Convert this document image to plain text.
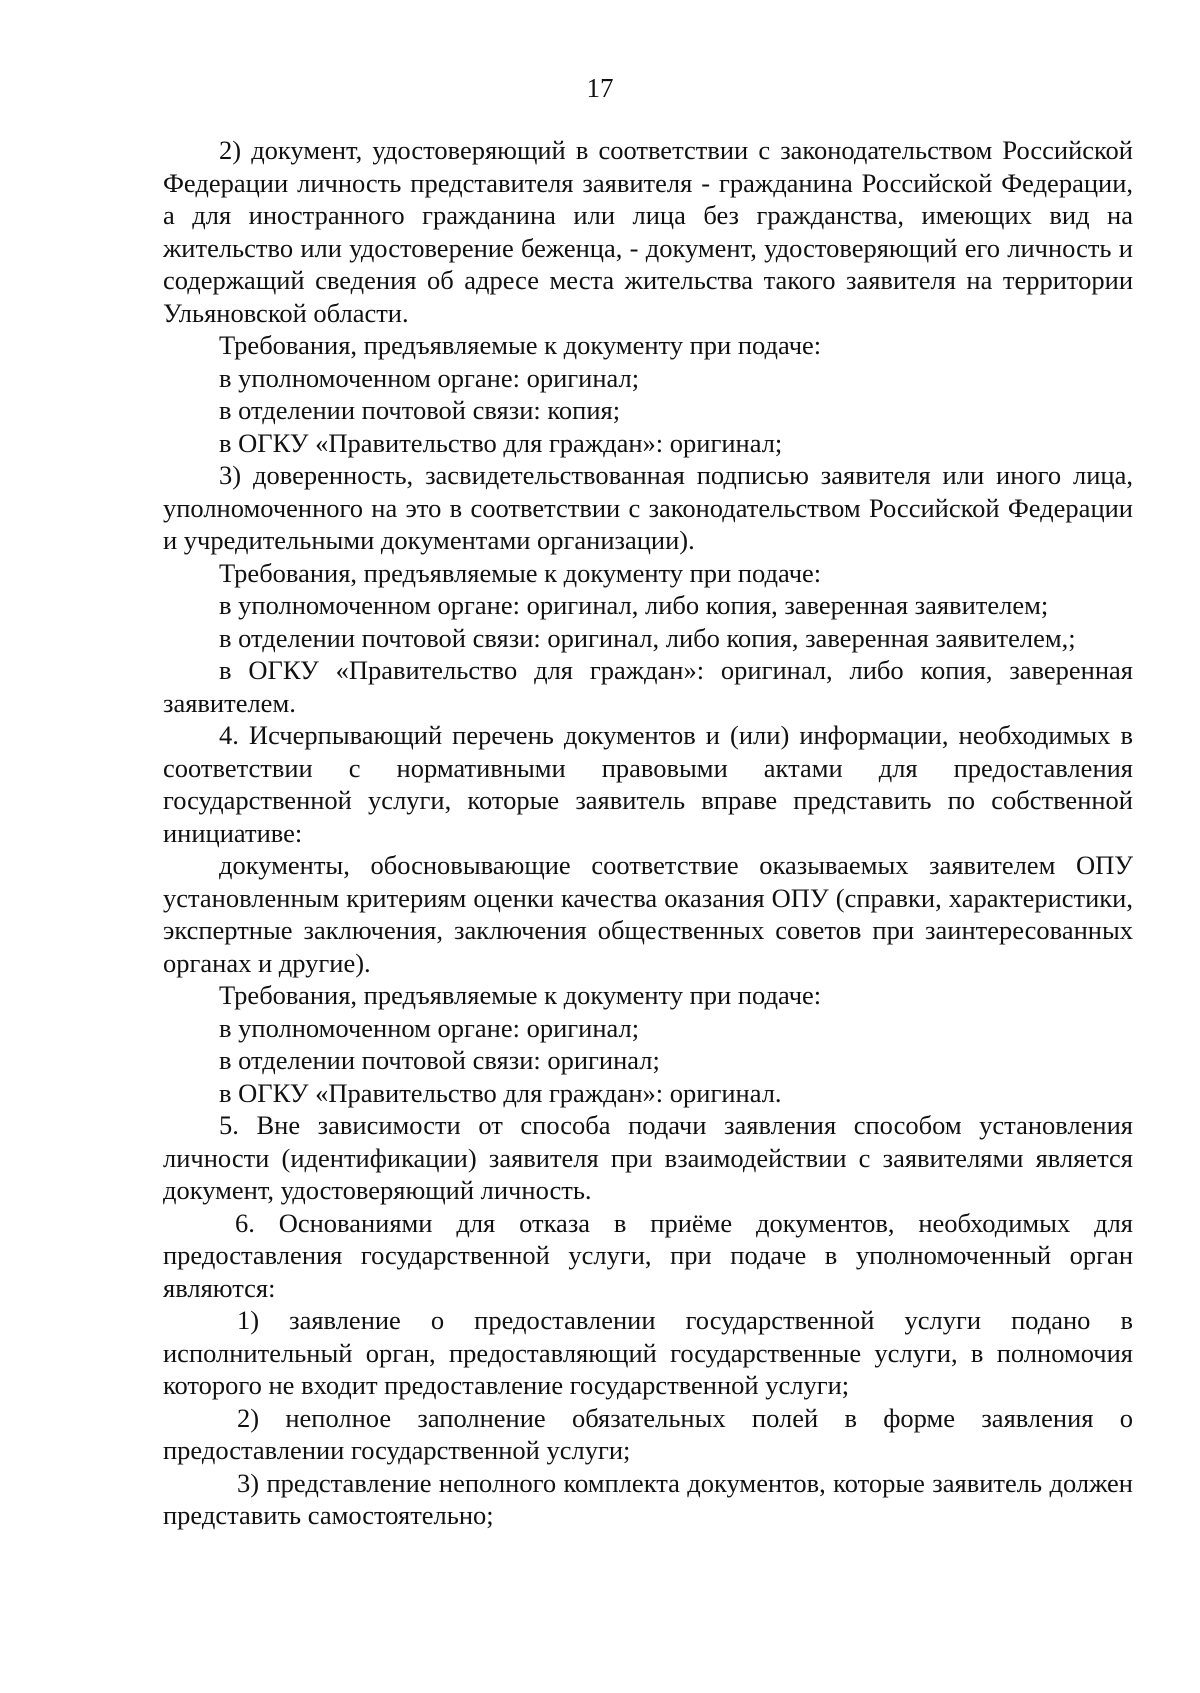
17

2) документ, удостоверяющий в соответствии с законодательством Российской Федерации личность представителя заявителя - гражданина Российской Федерации, а для иностранного гражданина или лица без гражданства, имеющих вид на жительство или удостоверение беженца, - документ, удостоверяющий его личность и содержащий сведения об адресе места жительства такого заявителя на территории Ульяновской области.

Требования, предъявляемые к документу при подаче:

в уполномоченном органе: оригинал;

в отделении почтовой связи: копия;

в ОГКУ «Правительство для граждан»: оригинал;

3) доверенность, засвидетельствованная подписью заявителя или иного лица, уполномоченного на это в соответствии с законодательством Российской Федерации и учредительными документами организации).

Требования, предъявляемые к документу при подаче:

в уполномоченном органе: оригинал, либо копия, заверенная заявителем;

в отделении почтовой связи: оригинал, либо копия, заверенная заявителем,;

в ОГКУ «Правительство для граждан»: оригинал, либо копия, заверенная заявителем.

4. Исчерпывающий перечень документов и (или) информации, необходимых в соответствии с нормативными правовыми актами для предоставления государственной услуги, которые заявитель вправе представить по собственной инициативе:

документы, обосновывающие соответствие оказываемых заявителем ОПУ установленным критериям оценки качества оказания ОПУ (справки, характеристики, экспертные заключения, заключения общественных советов при заинтересованных органах и другие).

Требования, предъявляемые к документу при подаче:

в уполномоченном органе: оригинал;

в отделении почтовой связи: оригинал;

в ОГКУ «Правительство для граждан»: оригинал.

5. Вне зависимости от способа подачи заявления способом установления личности (идентификации) заявителя при взаимодействии с заявителями является документ, удостоверяющий личность.

6. Основаниями для отказа в приёме документов, необходимых для предоставления государственной услуги, при подаче в уполномоченный орган являются:

1) заявление о предоставлении государственной услуги подано в исполнительный орган, предоставляющий государственные услуги, в полномочия которого не входит предоставление государственной услуги;

2) неполное заполнение обязательных полей в форме заявления о предоставлении государственной услуги;

3) представление неполного комплекта документов, которые заявитель должен представить самостоятельно;
